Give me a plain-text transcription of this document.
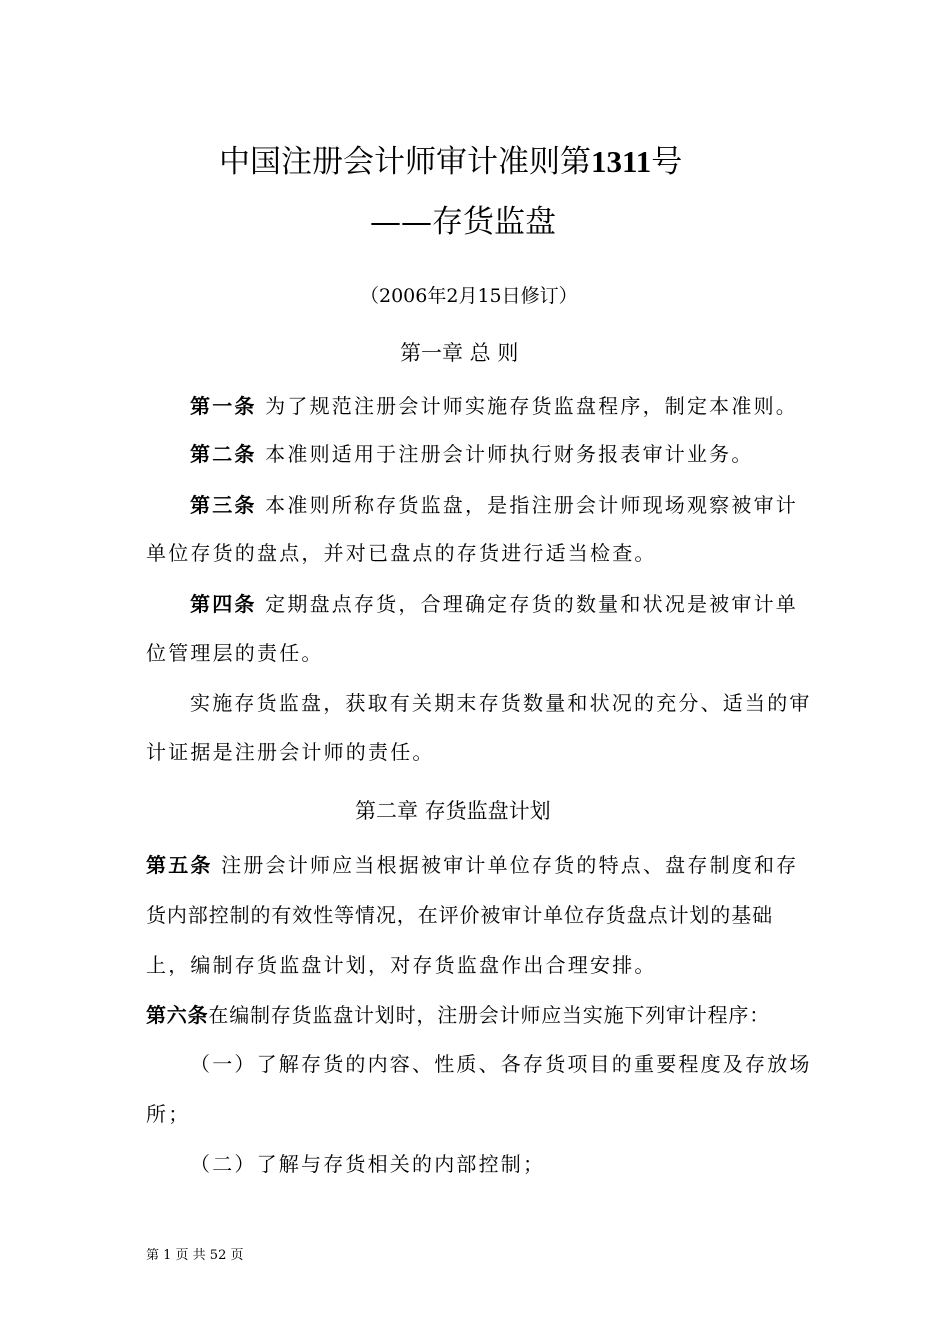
中国注册会计师审计准则第1311号
——存货监盘
（2006年2月15日修订）
第一章 总 则
第一条 为了规范注册会计师实施存货监盘程序，制定本准则。
第二条 本准则适用于注册会计师执行财务报表审计业务。
第三条 本准则所称存货监盘，是指注册会计师现场观察被审计
单位存货的盘点，并对已盘点的存货进行适当检查。
第四条 定期盘点存货，合理确定存货的数量和状况是被审计单
位管理层的责任。
实施存货监盘，获取有关期末存货数量和状况的充分、适当的审
计证据是注册会计师的责任。
第二章 存货监盘计划
第五条 注册会计师应当根据被审计单位存货的特点、盘存制度和存
货内部控制的有效性等情况，在评价被审计单位存货盘点计划的基础
上，编制存货监盘计划，对存货监盘作出合理安排。
第六条在编制存货监盘计划时，注册会计师应当实施下列审计程序：
（一）了解存货的内容、性质、各存货项目的重要程度及存放场
所；
（二）了解与存货相关的内部控制；
第 1 页 共 52 页
